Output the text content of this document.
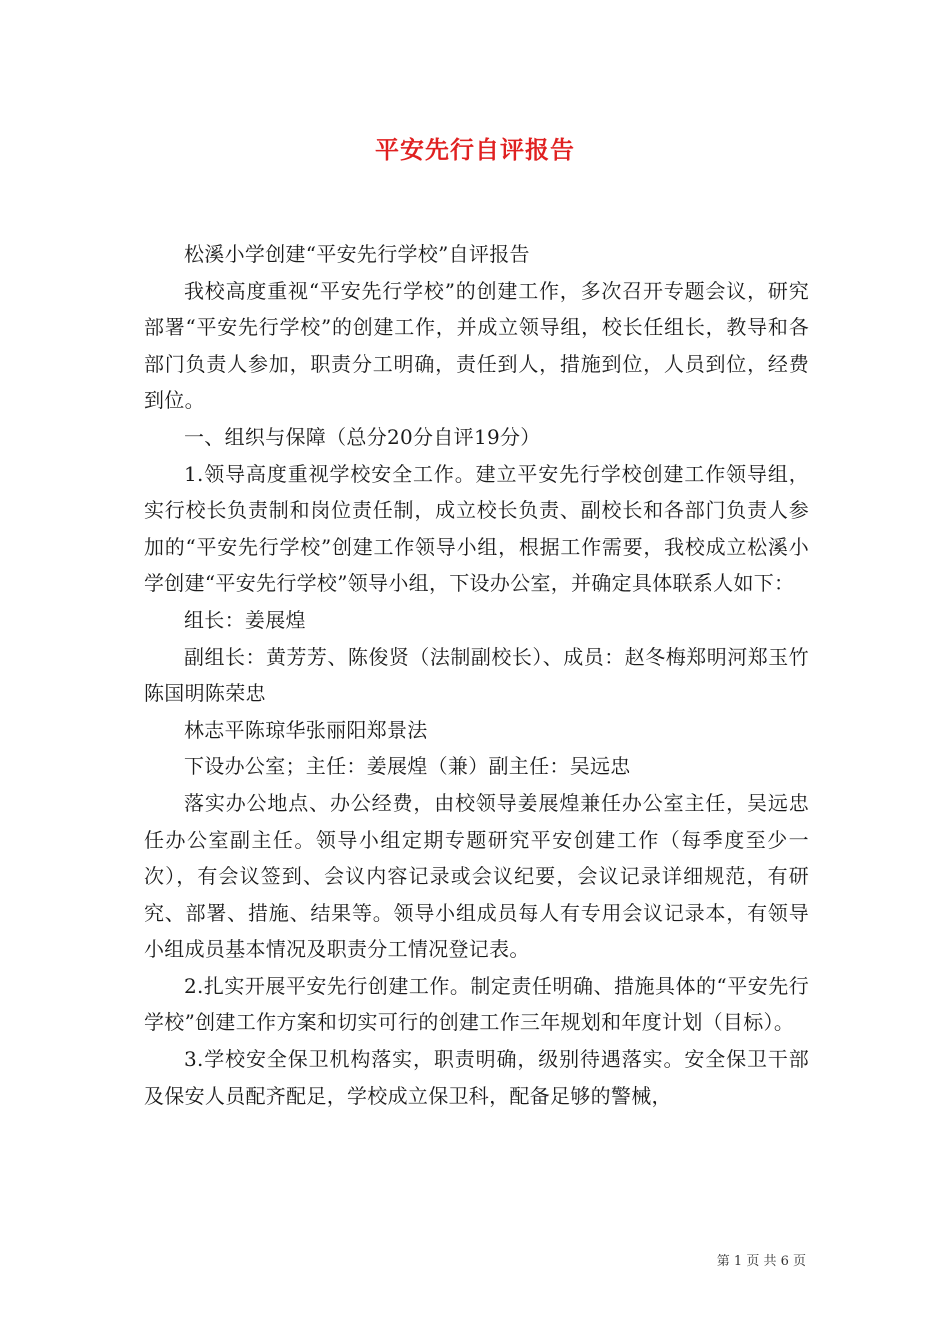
平安先行自评报告

松溪小学创建“平安先行学校”自评报告

我校高度重视“平安先行学校”的创建工作，多次召开专题会议，研究部署“平安先行学校”的创建工作，并成立领导组，校长任组长，教导和各部门负责人参加，职责分工明确，责任到人，措施到位，人员到位，经费到位。

一、组织与保障（总分20分自评19分）

1.领导高度重视学校安全工作。建立平安先行学校创建工作领导组，实行校长负责制和岗位责任制，成立校长负责、副校长和各部门负责人参加的“平安先行学校”创建工作领导小组，根据工作需要，我校成立松溪小学创建“平安先行学校”领导小组，下设办公室，并确定具体联系人如下：

组长：姜展煌

副组长：黄芳芳、陈俊贤（法制副校长）、成员：赵冬梅郑明河郑玉竹陈国明陈荣忠

林志平陈琼华张丽阳郑景法

下设办公室；主任：姜展煌（兼）副主任：吴远忠

落实办公地点、办公经费，由校领导姜展煌兼任办公室主任，吴远忠任办公室副主任。领导小组定期专题研究平安创建工作（每季度至少一次），有会议签到、会议内容记录或会议纪要，会议记录详细规范，有研究、部署、措施、结果等。领导小组成员每人有专用会议记录本，有领导小组成员基本情况及职责分工情况登记表。

2.扎实开展平安先行创建工作。制定责任明确、措施具体的“平安先行学校”创建工作方案和切实可行的创建工作三年规划和年度计划（目标）。

3.学校安全保卫机构落实，职责明确，级别待遇落实。安全保卫干部及保安人员配齐配足，学校成立保卫科，配备足够的警械，

第 1 页 共 6 页
